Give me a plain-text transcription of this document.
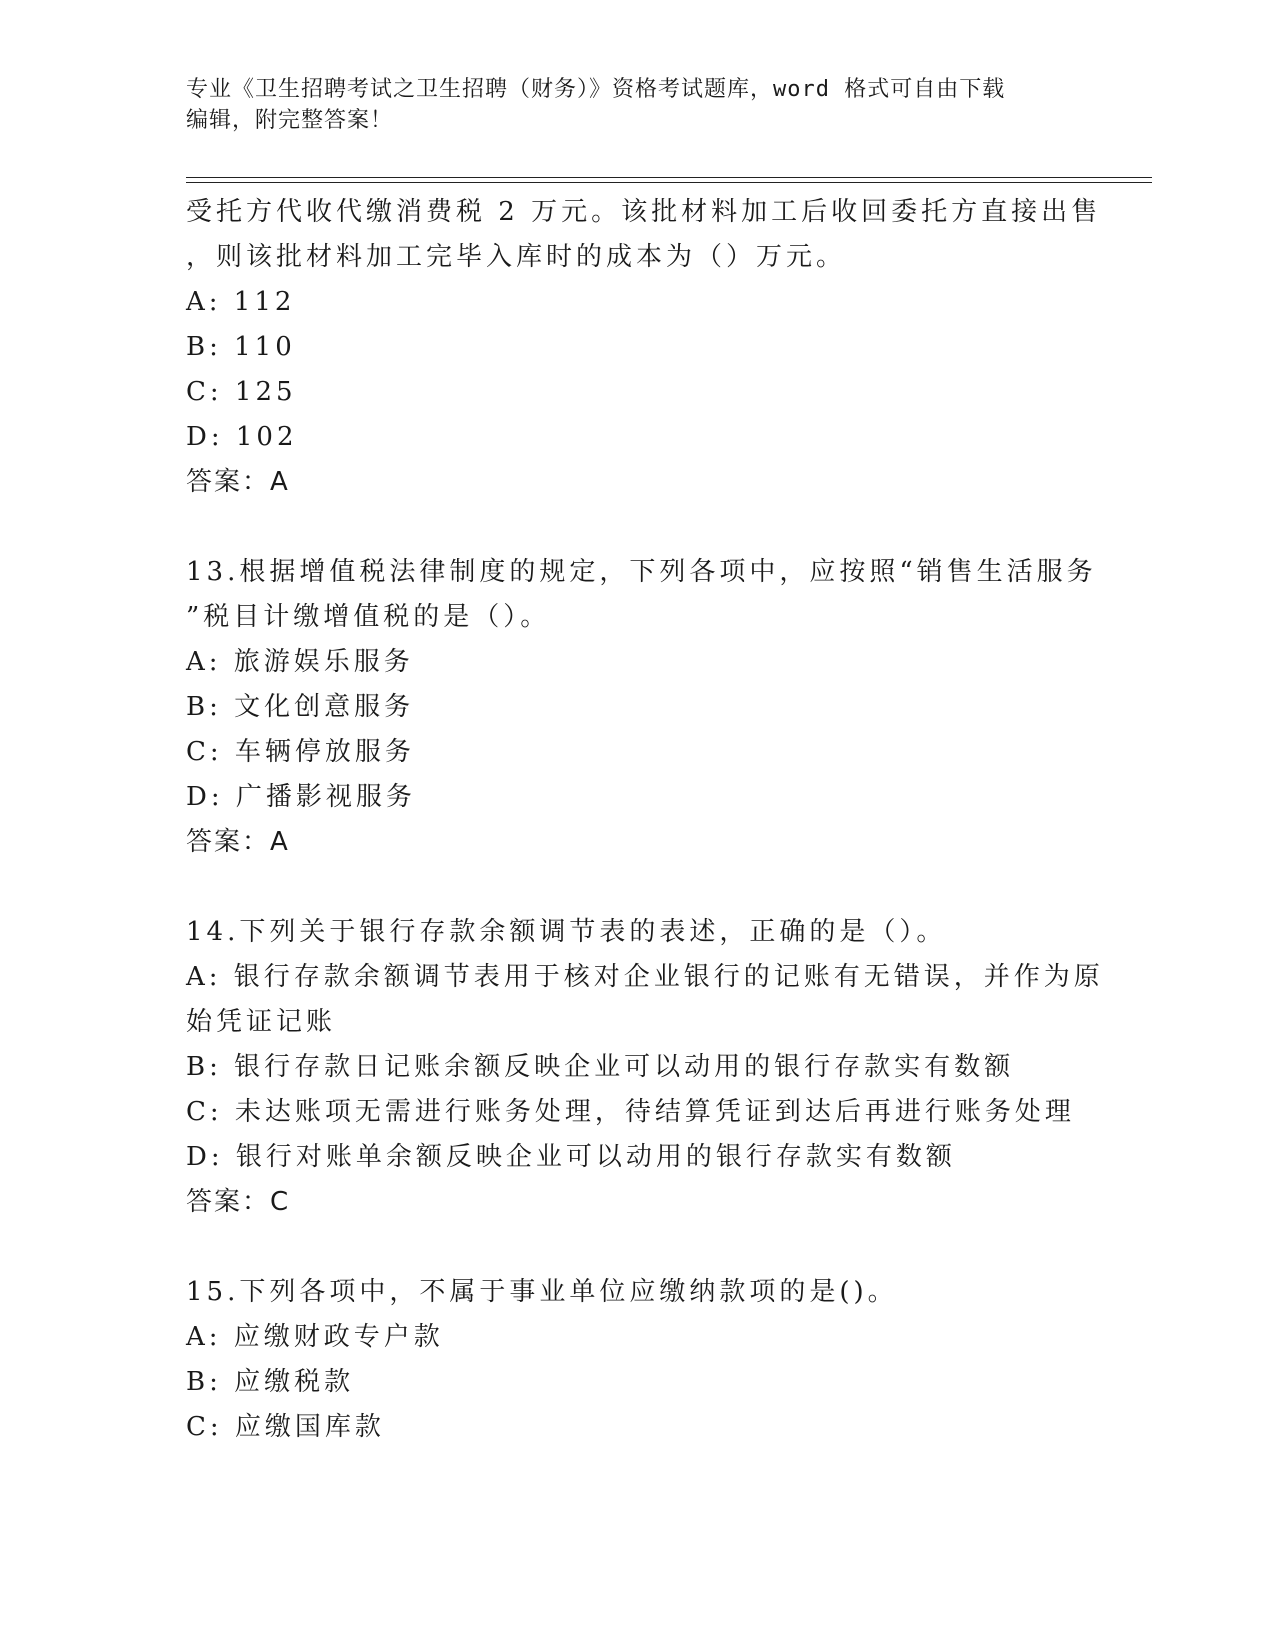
专业《卫生招聘考试之卫生招聘（财务）》资格考试题库，word 格式可自由下载
编辑，附完整答案！
受托方代收代缴消费税 2 万元。该批材料加工后收回委托方直接出售
，则该批材料加工完毕入库时的成本为（）万元。
A: 112
B: 110
C: 125
D: 102
答案：A
13.根据增值税法律制度的规定，下列各项中，应按照“销售生活服务
”税目计缴增值税的是（）。
A: 旅游娱乐服务
B: 文化创意服务
C: 车辆停放服务
D: 广播影视服务
答案：A
14.下列关于银行存款余额调节表的表述，正确的是（）。
A: 银行存款余额调节表用于核对企业银行的记账有无错误，并作为原
始凭证记账
B: 银行存款日记账余额反映企业可以动用的银行存款实有数额
C: 未达账项无需进行账务处理，待结算凭证到达后再进行账务处理
D: 银行对账单余额反映企业可以动用的银行存款实有数额
答案：C
15.下列各项中，不属于事业单位应缴纳款项的是()。
A: 应缴财政专户款
B: 应缴税款
C: 应缴国库款
